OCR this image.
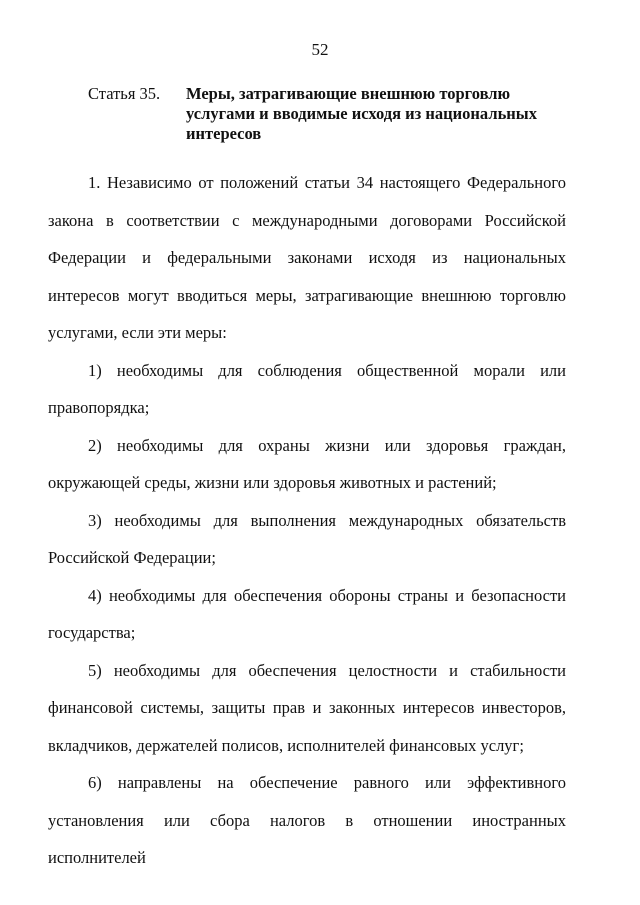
52
Статья 35.	Меры, затрагивающие внешнюю торговлю услугами и вводимые исходя из национальных интересов

1. Независимо от положений статьи 34 настоящего Федерального закона в соответствии с международными договорами Российской Федерации и федеральными законами исходя из национальных интересов могут вводиться меры, затрагивающие внешнюю торговлю услугами, если эти меры:

1) необходимы для соблюдения общественной морали или правопорядка;

2) необходимы для охраны жизни или здоровья граждан, окружающей среды, жизни или здоровья животных и растений;

3) необходимы для выполнения международных обязательств Российской Федерации;

4) необходимы для обеспечения обороны страны и безопасности государства;

5) необходимы для обеспечения целостности и стабильности финансовой системы, защиты прав и законных интересов инвесторов, вкладчиков, держателей полисов, исполнителей финансовых услуг;

6) направлены на обеспечение равного или эффективного установления или сбора налогов в отношении иностранных исполнителей
